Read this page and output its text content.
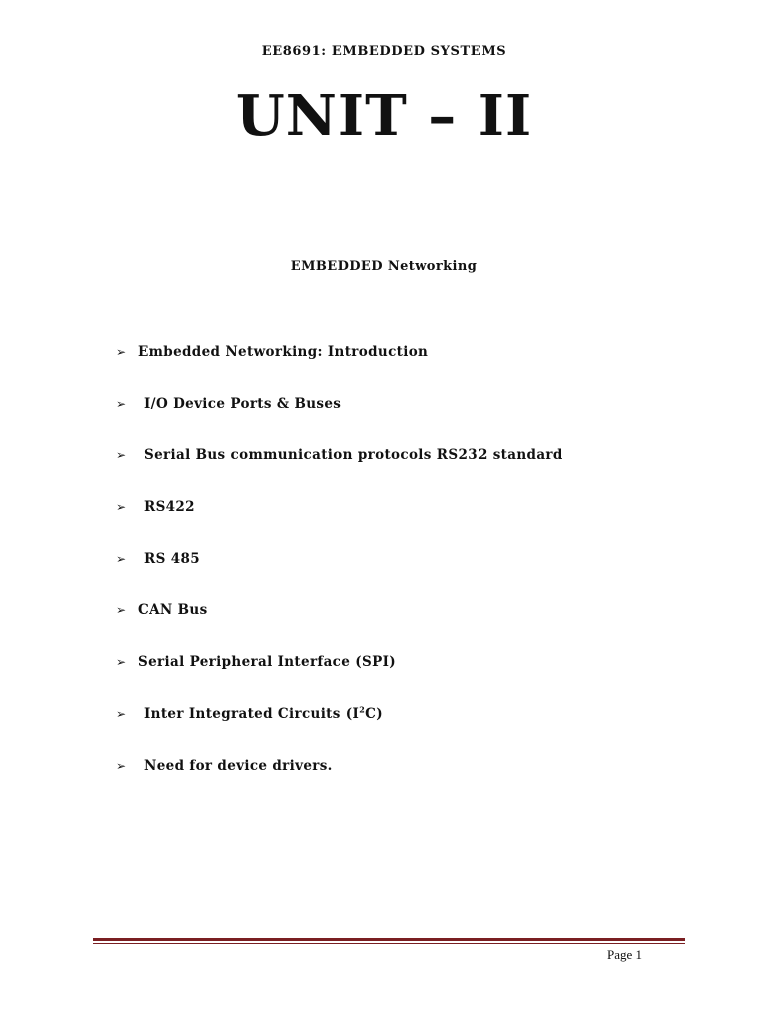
EE8691: EMBEDDED SYSTEMS
UNIT – II
EMBEDDED Networking
➢ Embedded Networking: Introduction
➢	I/O Device Ports & Buses
➢	Serial Bus communication protocols RS232 standard
➢	RS422
➢	RS 485
➢ CAN Bus
➢ Serial Peripheral Interface (SPI)
➢	Inter Integrated Circuits $(I^2C)$
➢	Need for device drivers.
Page 1
